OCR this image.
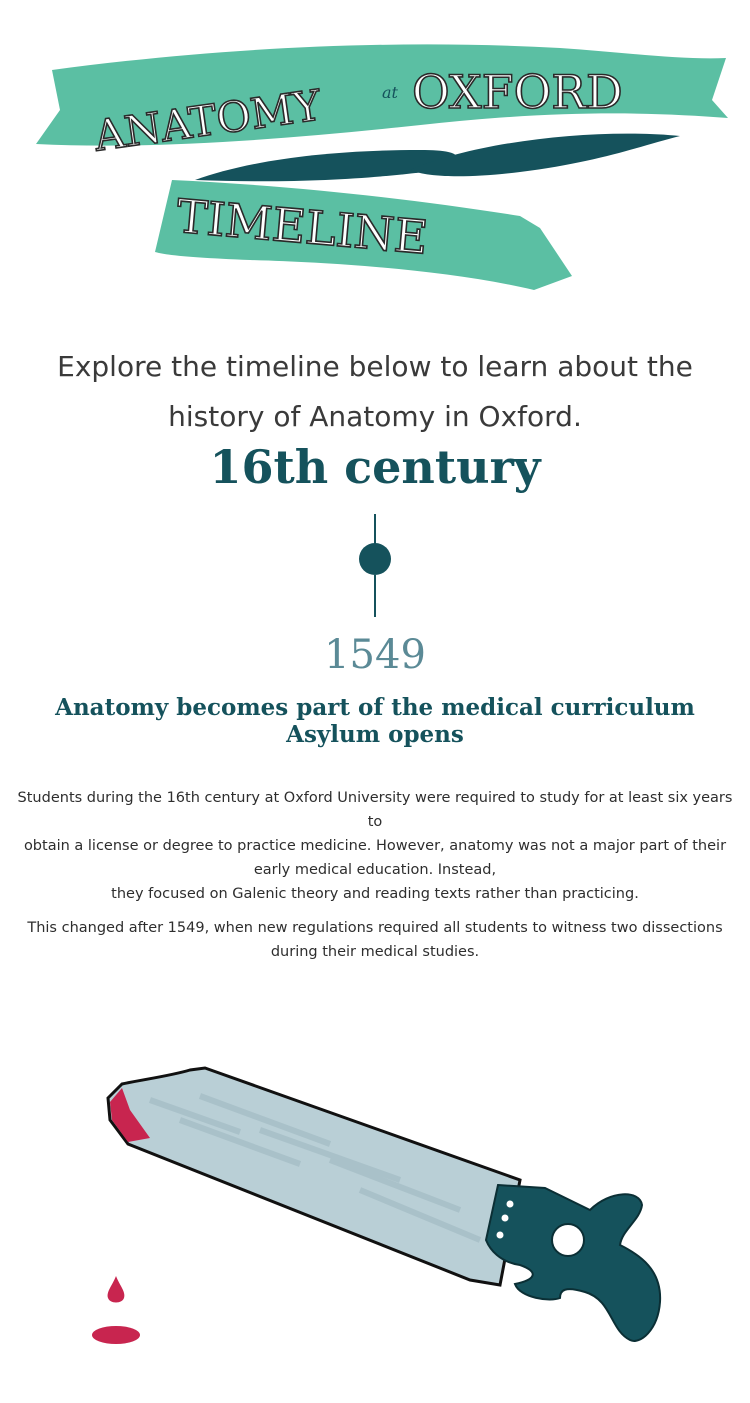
ANATOMY	at OXFORD
TIMELINE
Explore the timeline below to learn about the
history of Anatomy in Oxford.
16th century
1549
Anatomy becomes part of the medical curriculum Asylum opens

Students during the 16th century at Oxford University were required to study for at least six years to
obtain a license or degree to practice medicine. However, anatomy was not a major part of their
early medical education. Instead,
they focused on Galenic theory and reading texts rather than practicing.

This changed after 1549, when new regulations required all students to witness two dissections
during their medical studies.
